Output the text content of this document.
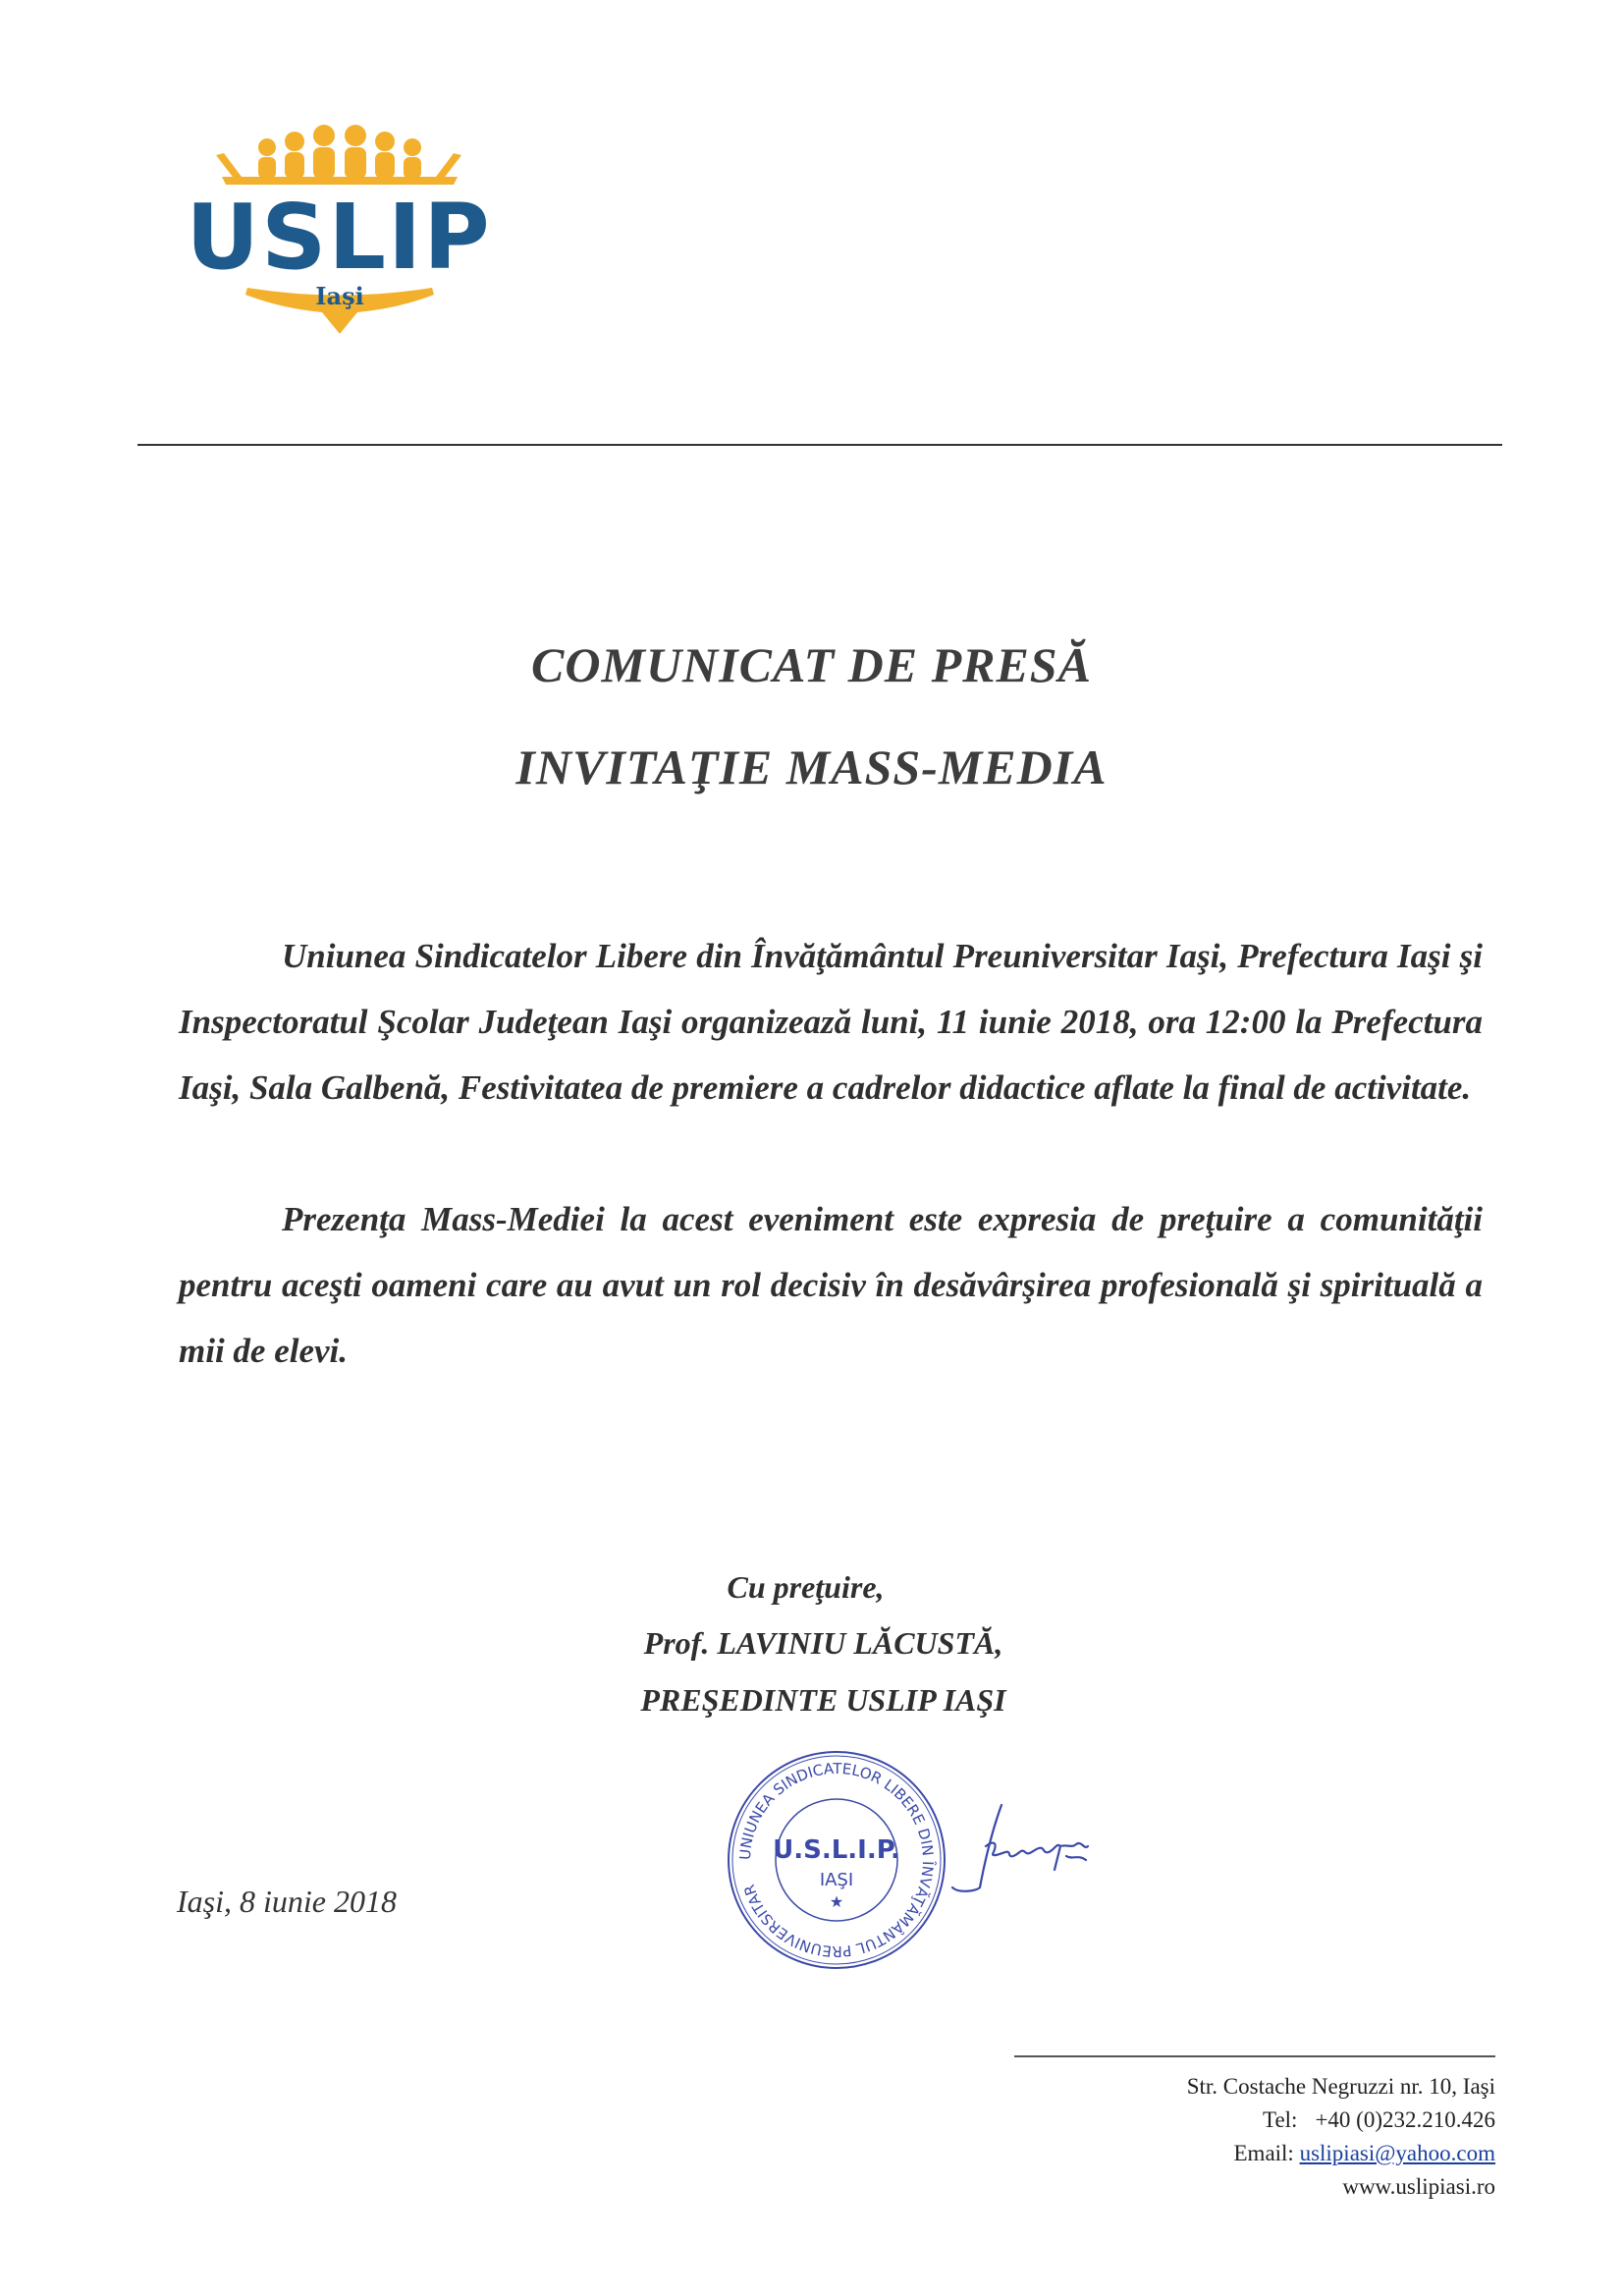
USLIP
Iaşi
COMUNICAT DE PRESĂ
INVITAŢIE MASS-MEDIA

Uniunea Sindicatelor Libere din Învăţământul Preuniversitar Iaşi, Prefectura Iaşi şi Inspectoratul Şcolar Judeţean Iaşi organizează luni, 11 iunie 2018, ora 12:00 la Prefectura Iaşi, Sala Galbenă, Festivitatea de premiere a cadrelor didactice aflate la final de activitate.

Prezenţa Mass-Mediei la acest eveniment este expresia de preţuire a comunităţii pentru aceşti oameni care au avut un rol decisiv în desăvârşirea profesională şi spirituală a mii de elevi.

Cu preţuire,
Prof. LAVINIU LĂCUSTĂ,
PREŞEDINTE USLIP IAŞI
UNIUNEA SINDICATELOR LIBERE DIN ÎNVĂŢĂMÂNTUL PREUNIVERSITAR
U.S.L.I.P.
IAŞI
★
Iaşi, 8 iunie 2018
Str. Costache Negruzzi nr. 10, Iaşi
Tel: +40 (0)232.210.426
Email: uslipiasi@yahoo.com
www.uslipiasi.ro
